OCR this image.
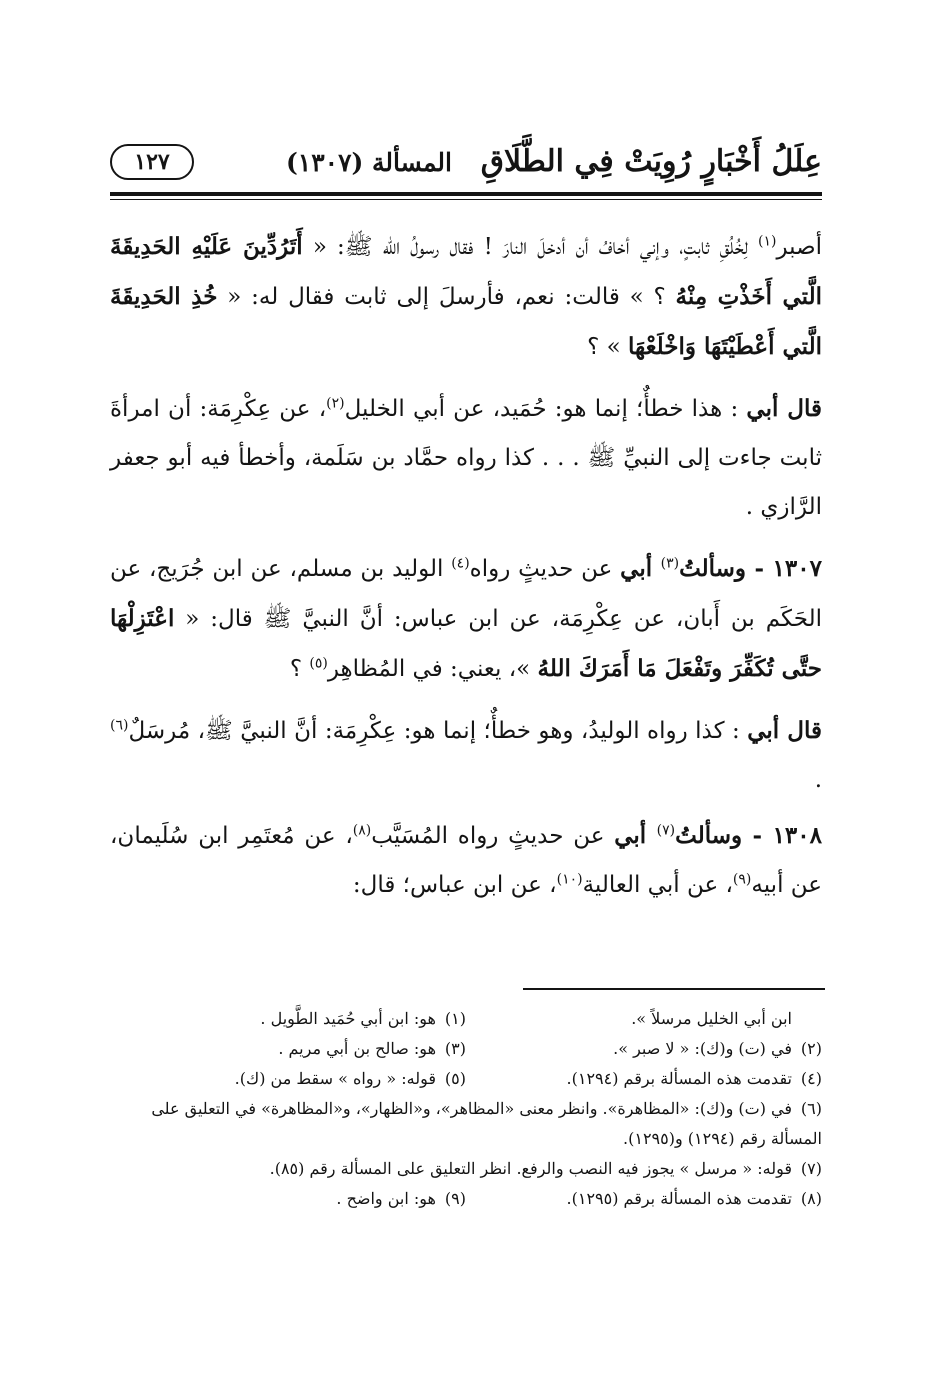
عِلَلُ أَخْبَارٍ رُوِيَتْ فِي الطَّلَاقِ
المسألة (١٣٠٧)
١٢٧

أصبر$^{(١)}$ لِخُلُقِ ثابتٍ، وإني أخافُ أن أدخلَ النارَ ! فقال رسولُ الله ﷺ: « أَتَرُدِّينَ عَلَيْهِ الحَدِيقَةَ الَّتي أَخَذْتِ مِنْهُ ؟ » قالت: نعم، فأرسلَ إلى ثابت فقال له: « خُذِ الحَدِيقَةَ الَّتي أَعْطَيْتَهَا وَاخْلَعْهَا » ؟

قال أبي : هذا خطأٌ؛ إنما هو: حُمَيد، عن أبي الخليل$^{(٢)}$، عن عِكْرِمَة: أن امرأةَ ثابت جاءت إلى النبيِّ ﷺ . . . كذا رواه حمَّاد بن سَلَمة، وأخطأ فيه أبو جعفر الرَّازي .

١٣٠٧ - وسألتُ$^{(٣)}$ أبي عن حديثٍ رواه$^{(٤)}$ الوليد بن مسلم، عن ابن جُرَيج، عن الحَكَم بن أَبان، عن عِكْرِمَة، عن ابن عباس: أنَّ النبيَّ ﷺ قال: « اعْتَزِلْهَا حتَّى تُكَفِّرَ وتَفْعَلَ مَا أَمَرَكَ اللهُ »، يعني: في المُظاهِر$^{(٥)}$ ؟

قال أبي : كذا رواه الوليدُ، وهو خطأٌ؛ إنما هو: عِكْرِمَة: أنَّ النبيَّ ﷺ، مُرسَلٌ$^{(٦)}$ .

١٣٠٨ - وسألتُ$^{(٧)}$ أبي عن حديثٍ رواه المُسَيَّب$^{(٨)}$، عن مُعتَمِر ابن سُلَيمان، عن أبيه$^{(٩)}$، عن أبي العالية$^{(١٠)}$، عن ابن عباس؛ قال:

ابن أبي الخليل مرسلاً ».
(١)هو: ابن أبي حُمَيد الطَّويل .
(٢)في (ت) و(ك): « لا صبر ».
(٣)هو: صالح بن أبي مريم .
(٤)تقدمت هذه المسألة برقم (١٢٩٤).
(٥)قوله: « رواه » سقط من (ك).
(٦)في (ت) و(ك): «المظاهرة». وانظر معنى «المظاهر»، و«الظهار»، و«المظاهرة» في التعليق على المسألة رقم (١٢٩٤) و(١٢٩٥).
(٧)قوله: « مرسل » يجوز فيه النصب والرفع. انظر التعليق على المسألة رقم (٨٥).
(٨)تقدمت هذه المسألة برقم (١٢٩٥).
(٩)هو: ابن واضح .
